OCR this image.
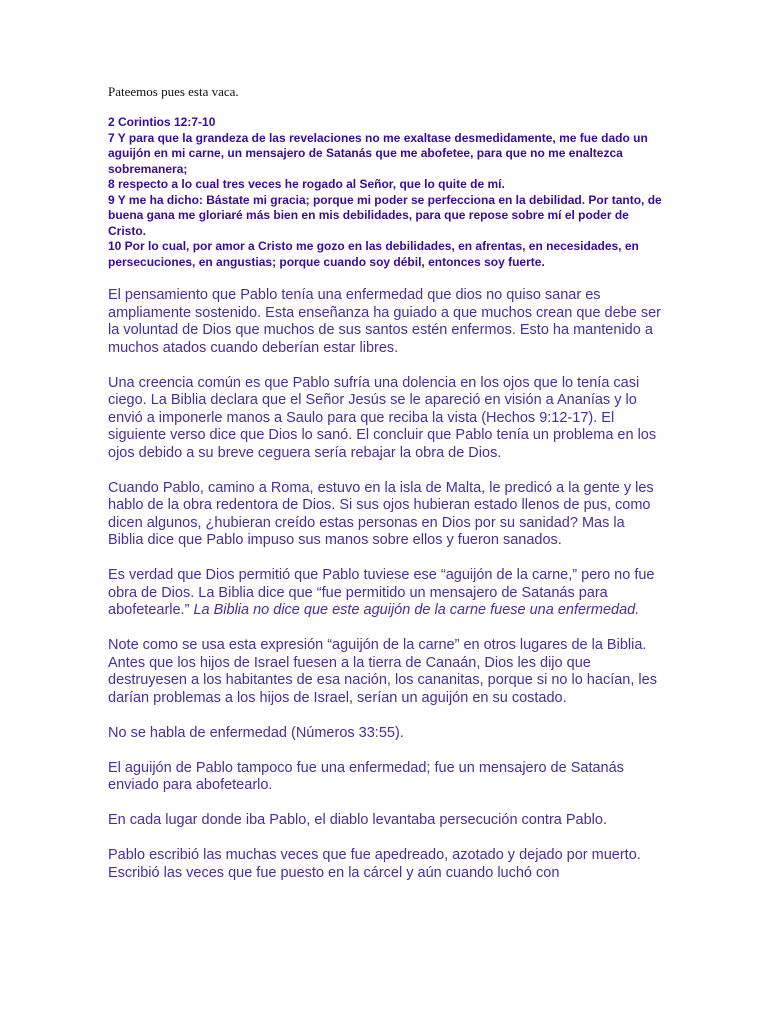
Pateemos pues esta vaca.
2 Corintios 12:7-10
7 Y para que la grandeza de las revelaciones no me exaltase desmedidamente, me fue dado un aguijón en mi carne, un mensajero de Satanás que me abofetee, para que no me enaltezca sobremanera;
8 respecto a lo cual tres veces he rogado al Señor, que lo quite de mí.
9 Y me ha dicho: Bástate mi gracia; porque mi poder se perfecciona en la debilidad. Por tanto, de buena gana me gloriaré más bien en mis debilidades, para que repose sobre mí el poder de Cristo.
10 Por lo cual, por amor a Cristo me gozo en las debilidades, en afrentas, en necesidades, en persecuciones, en angustias; porque cuando soy débil, entonces soy fuerte.

El pensamiento que Pablo tenía una enfermedad que dios no quiso sanar es ampliamente sostenido. Esta enseñanza ha guiado a que muchos crean que debe ser la voluntad de Dios que muchos de sus santos estén enfermos. Esto ha mantenido a muchos atados cuando deberían estar libres.

Una creencia común es que Pablo sufría una dolencia en los ojos que lo tenía casi ciego. La Biblia declara que el Señor Jesús se le apareció en visión a Ananías y lo envió a imponerle manos a Saulo para que reciba la vista (Hechos 9:12-17). El siguiente verso dice que Dios lo sanó. El concluir que Pablo tenía un problema en los ojos debido a su breve ceguera sería rebajar la obra de Dios.

Cuando Pablo, camino a Roma, estuvo en la isla de Malta, le predicó a la gente y les hablo de la obra redentora de Dios. Si sus ojos hubieran estado llenos de pus, como dicen algunos, ¿hubieran creído estas personas en Dios por su sanidad? Mas la Biblia dice que Pablo impuso sus manos sobre ellos y fueron sanados.

Es verdad que Dios permitió que Pablo tuviese ese “aguijón de la carne,” pero no fue obra de Dios. La Biblia dice que “fue permitido un mensajero de Satanás para abofetearle.” La Biblia no dice que este aguijón de la carne fuese una enfermedad.

Note como se usa esta expresión “aguijón de la carne” en otros lugares de la Biblia. Antes que los hijos de Israel fuesen a la tierra de Canaán, Dios les dijo que destruyesen a los habitantes de esa nación, los cananitas, porque si no lo hacían, les darían problemas a los hijos de Israel, serían un aguijón en su costado.

No se habla de enfermedad (Números 33:55).

El aguijón de Pablo tampoco fue una enfermedad; fue un mensajero de Satanás enviado para abofetearlo.

En cada lugar donde iba Pablo, el diablo levantaba persecución contra Pablo.

Pablo escribió las muchas veces que fue apedreado, azotado y dejado por muerto. Escribió las veces que fue puesto en la cárcel y aún cuando luchó con
